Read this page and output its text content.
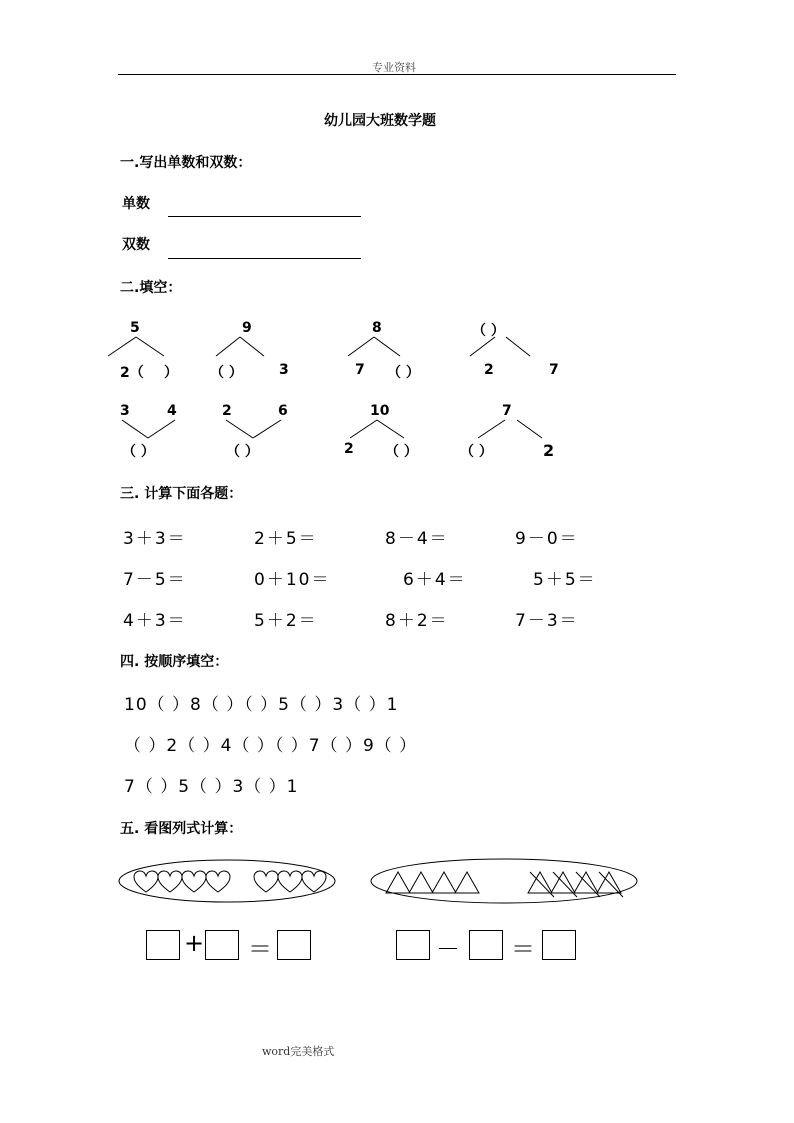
专业资料
幼儿园大班数学题
一.写出单数和双数：
单数
双数
二.填空：
5
2（ ）
9
（ ）	3
8
7 （ ）
（ ）
2	7
3	4
（ ）
2	6
（ ）
10
2 （ ）
7
（ ）	2
三. 计算下面各题：
3＋3＝	2＋5＝	8－4＝	9－0＝
7－5＝	0＋10＝	6＋4＝	5＋5＝
4＋3＝	5＋2＝	8＋2＝	7－3＝
四. 按顺序填空：
10（ ）8（ ）（ ）5（ ）3（ ）1
（ ）2（ ）4（ ）（ ）7（ ）9（ ）
7（ ）5（ ）3（ ）1
五. 看图列式计算：
+ ＝	－ ＝
word完美格式
